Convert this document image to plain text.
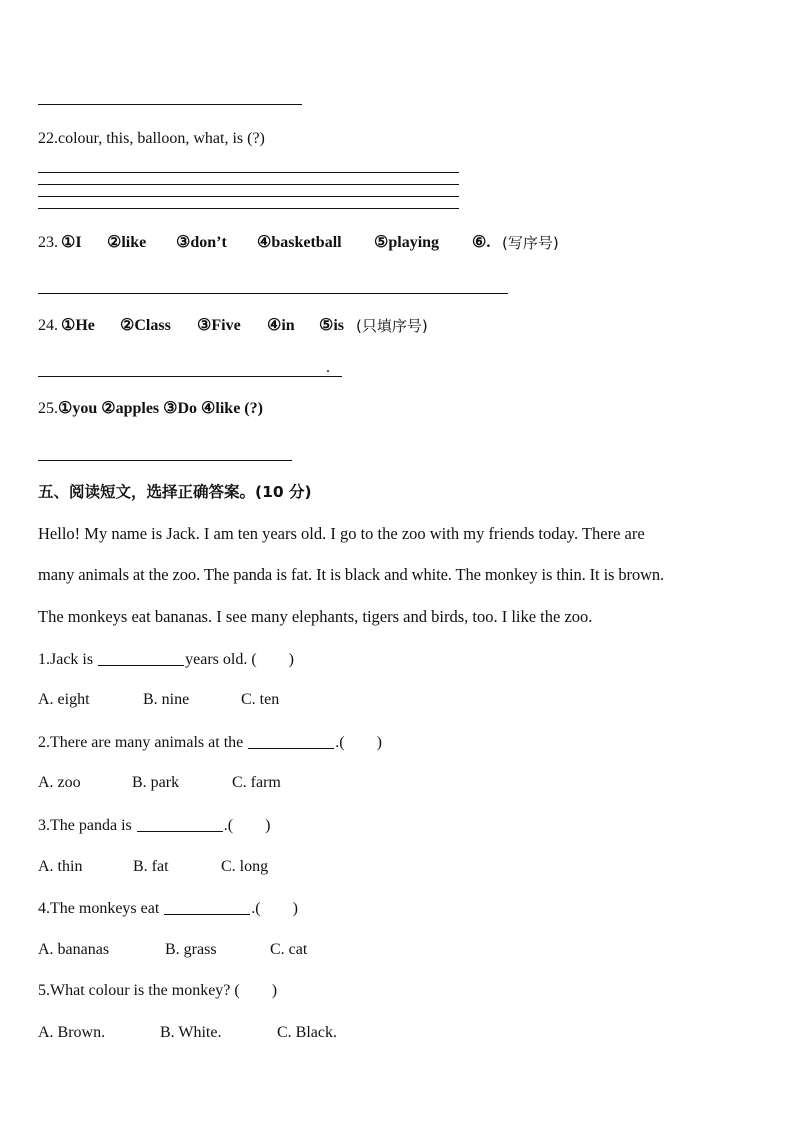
22.colour, this, balloon, what, is (?)
23. ①I ②like ③don’t ④basketball ⑤playing ⑥. (写序号)
24. ①He ②Class ③Five ④in ⑤is (只填序号)
.
25.①you ②apples ③Do ④like (?)
五、阅读短文，选择正确答案。(10 分)
Hello! My name is Jack. I am ten years old. I go to the zoo with my friends today. There are
many animals at the zoo. The panda is fat. It is black and white. The monkey is thin. It is brown.
The monkeys eat bananas. I see many elephants, tigers and birds, too. I like the zoo.
1.Jack is	years old. ( )
A. eight	B. nine	C. ten
2.There are many animals at the	.( )
A. zoo	B. park	C. farm
3.The panda is	.( )
A. thin	B. fat	C. long
4.The monkeys eat	.( )
A. bananas	B. grass	C. cat
5.What colour is the monkey? ( )
A. Brown.	B. White.	C. Black.
